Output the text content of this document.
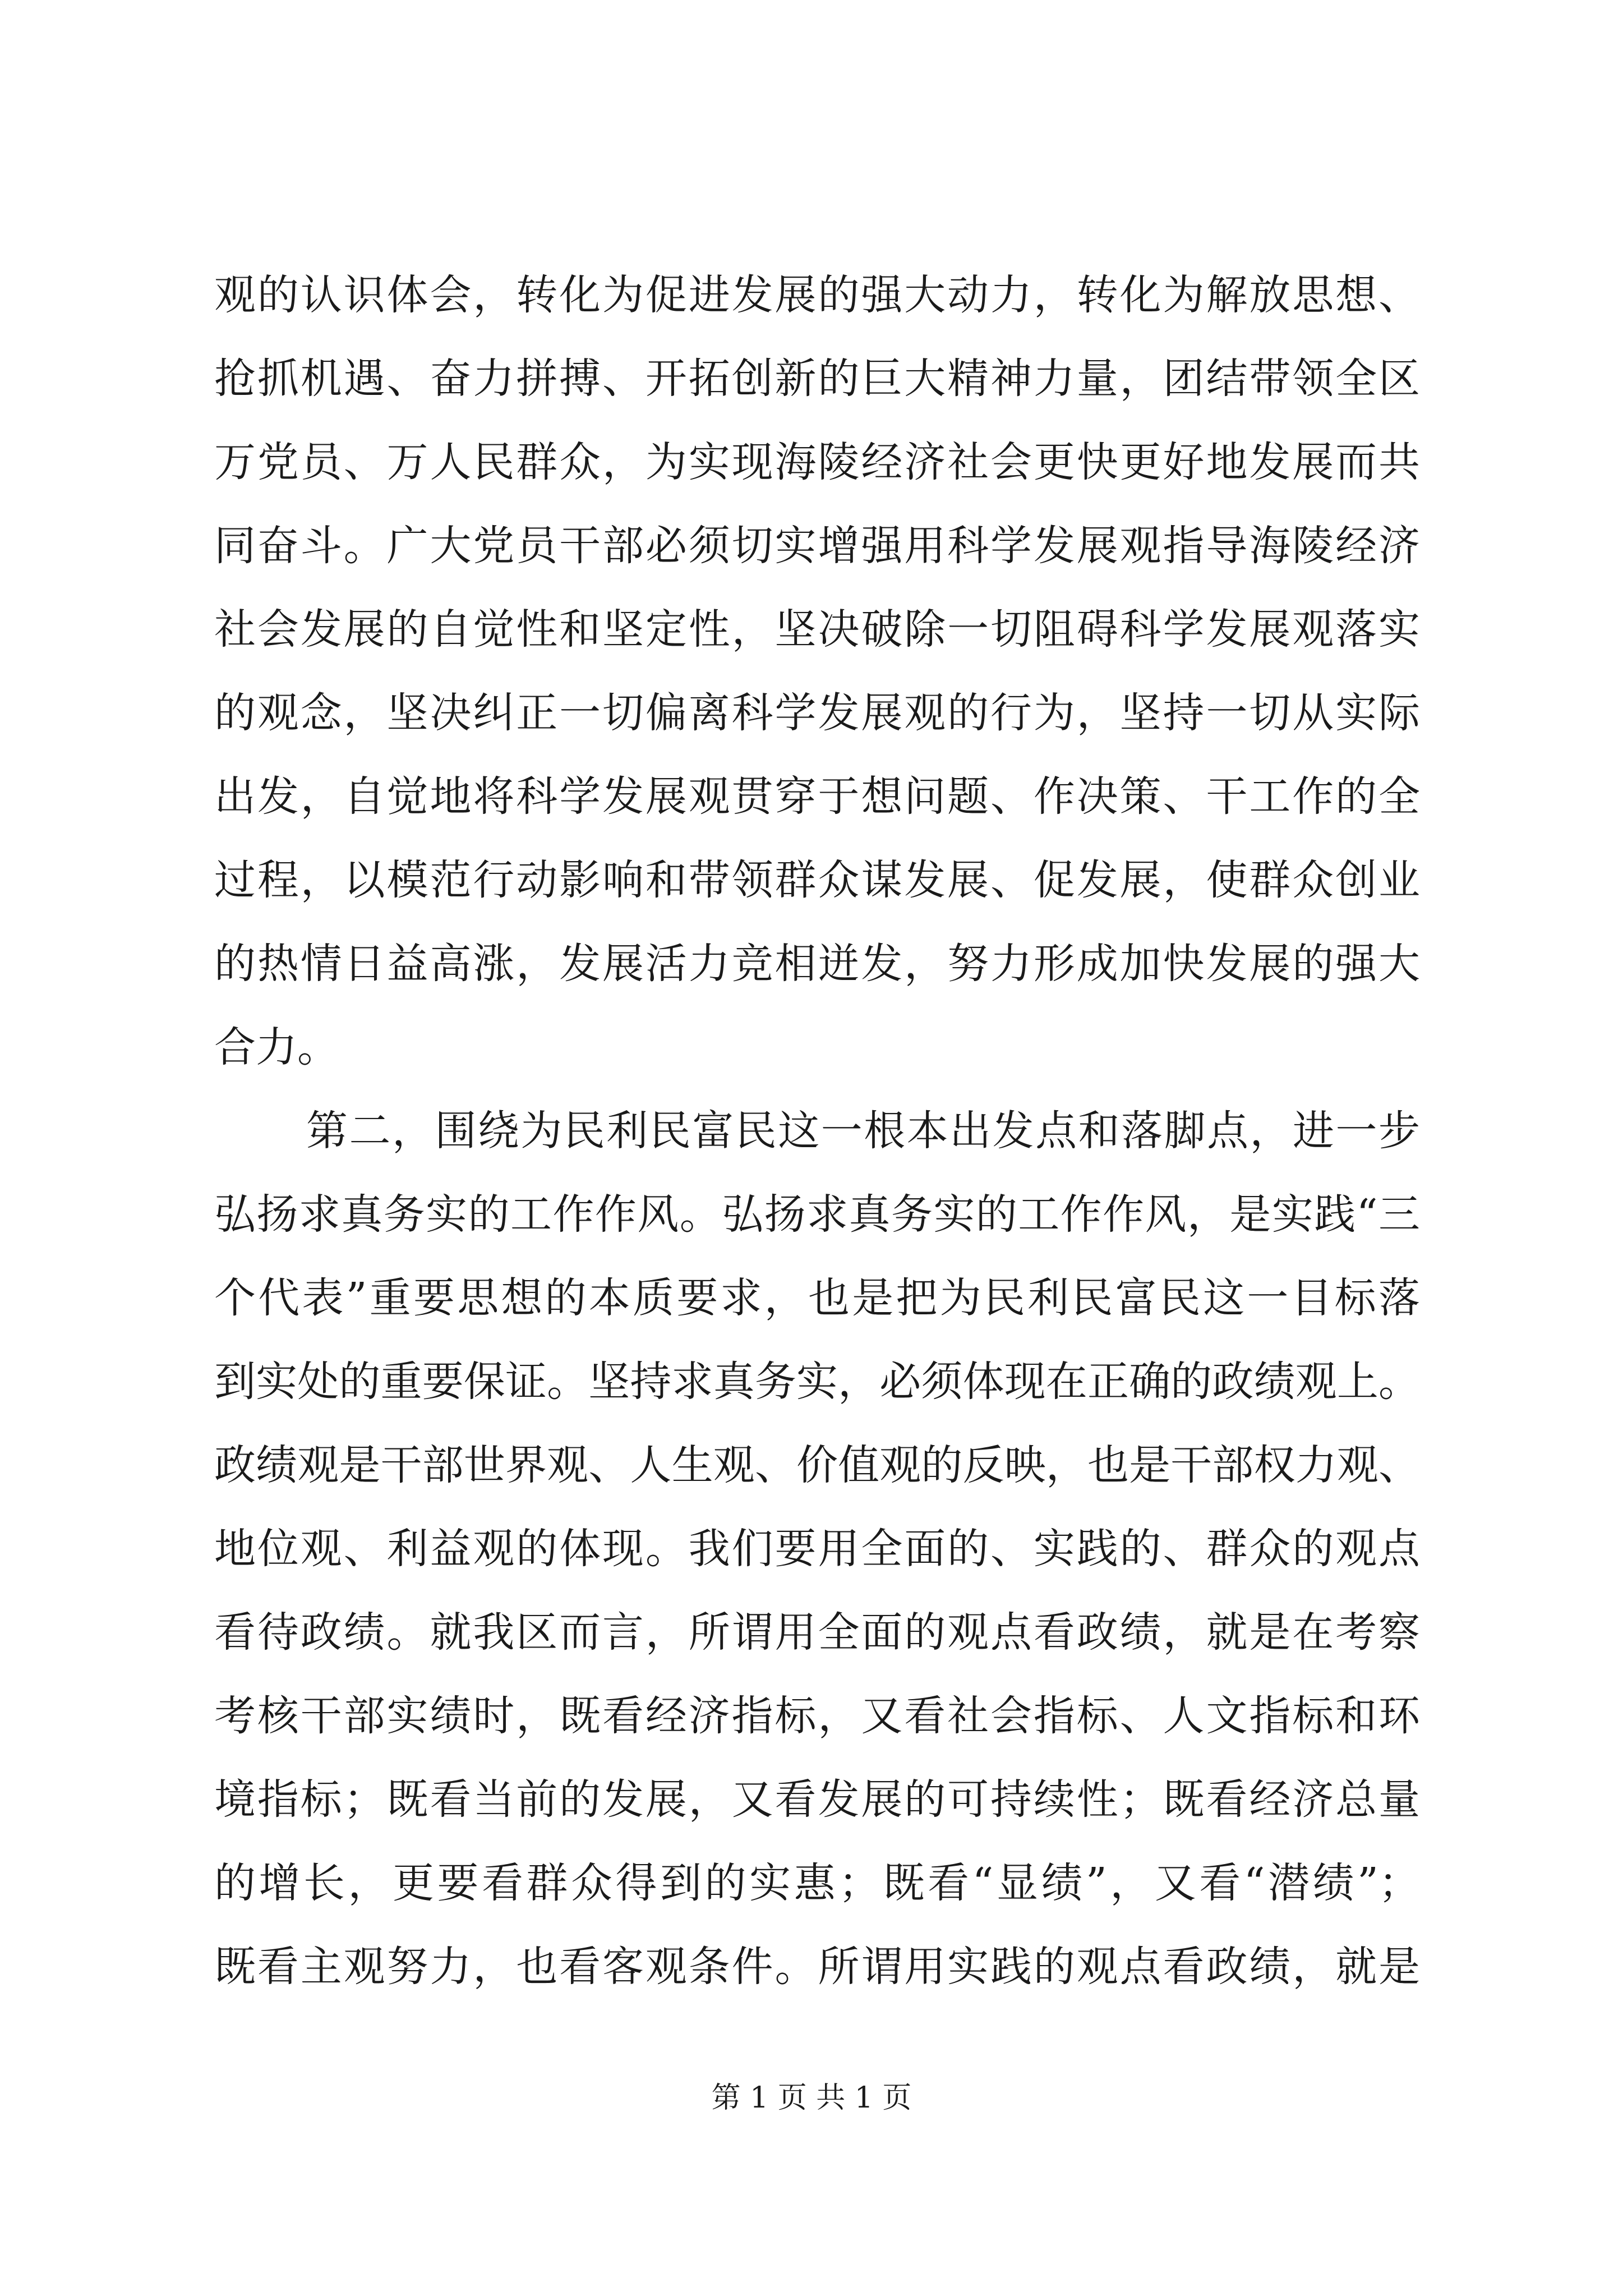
观的认识体会，转化为促进发展的强大动力，转化为解放思想、
抢抓机遇、奋力拼搏、开拓创新的巨大精神力量，团结带领全区
万党员、万人民群众，为实现海陵经济社会更快更好地发展而共
同奋斗。广大党员干部必须切实增强用科学发展观指导海陵经济
社会发展的自觉性和坚定性，坚决破除一切阻碍科学发展观落实
的观念，坚决纠正一切偏离科学发展观的行为，坚持一切从实际
出发，自觉地将科学发展观贯穿于想问题、作决策、干工作的全
过程，以模范行动影响和带领群众谋发展、促发展，使群众创业
的热情日益高涨，发展活力竞相迸发，努力形成加快发展的强大
合力。
第二，围绕为民利民富民这一根本出发点和落脚点，进一步
弘扬求真务实的工作作风。弘扬求真务实的工作作风，是实践“三
个代表”重要思想的本质要求，也是把为民利民富民这一目标落
到实处的重要保证。坚持求真务实，必须体现在正确的政绩观上。
政绩观是干部世界观、人生观、价值观的反映，也是干部权力观、
地位观、利益观的体现。我们要用全面的、实践的、群众的观点
看待政绩。就我区而言，所谓用全面的观点看政绩，就是在考察
考核干部实绩时，既看经济指标，又看社会指标、人文指标和环
境指标；既看当前的发展，又看发展的可持续性；既看经济总量
的增长，更要看群众得到的实惠；既看“显绩”，又看“潜绩”；
既看主观努力，也看客观条件。所谓用实践的观点看政绩，就是
第 1 页 共 1 页
